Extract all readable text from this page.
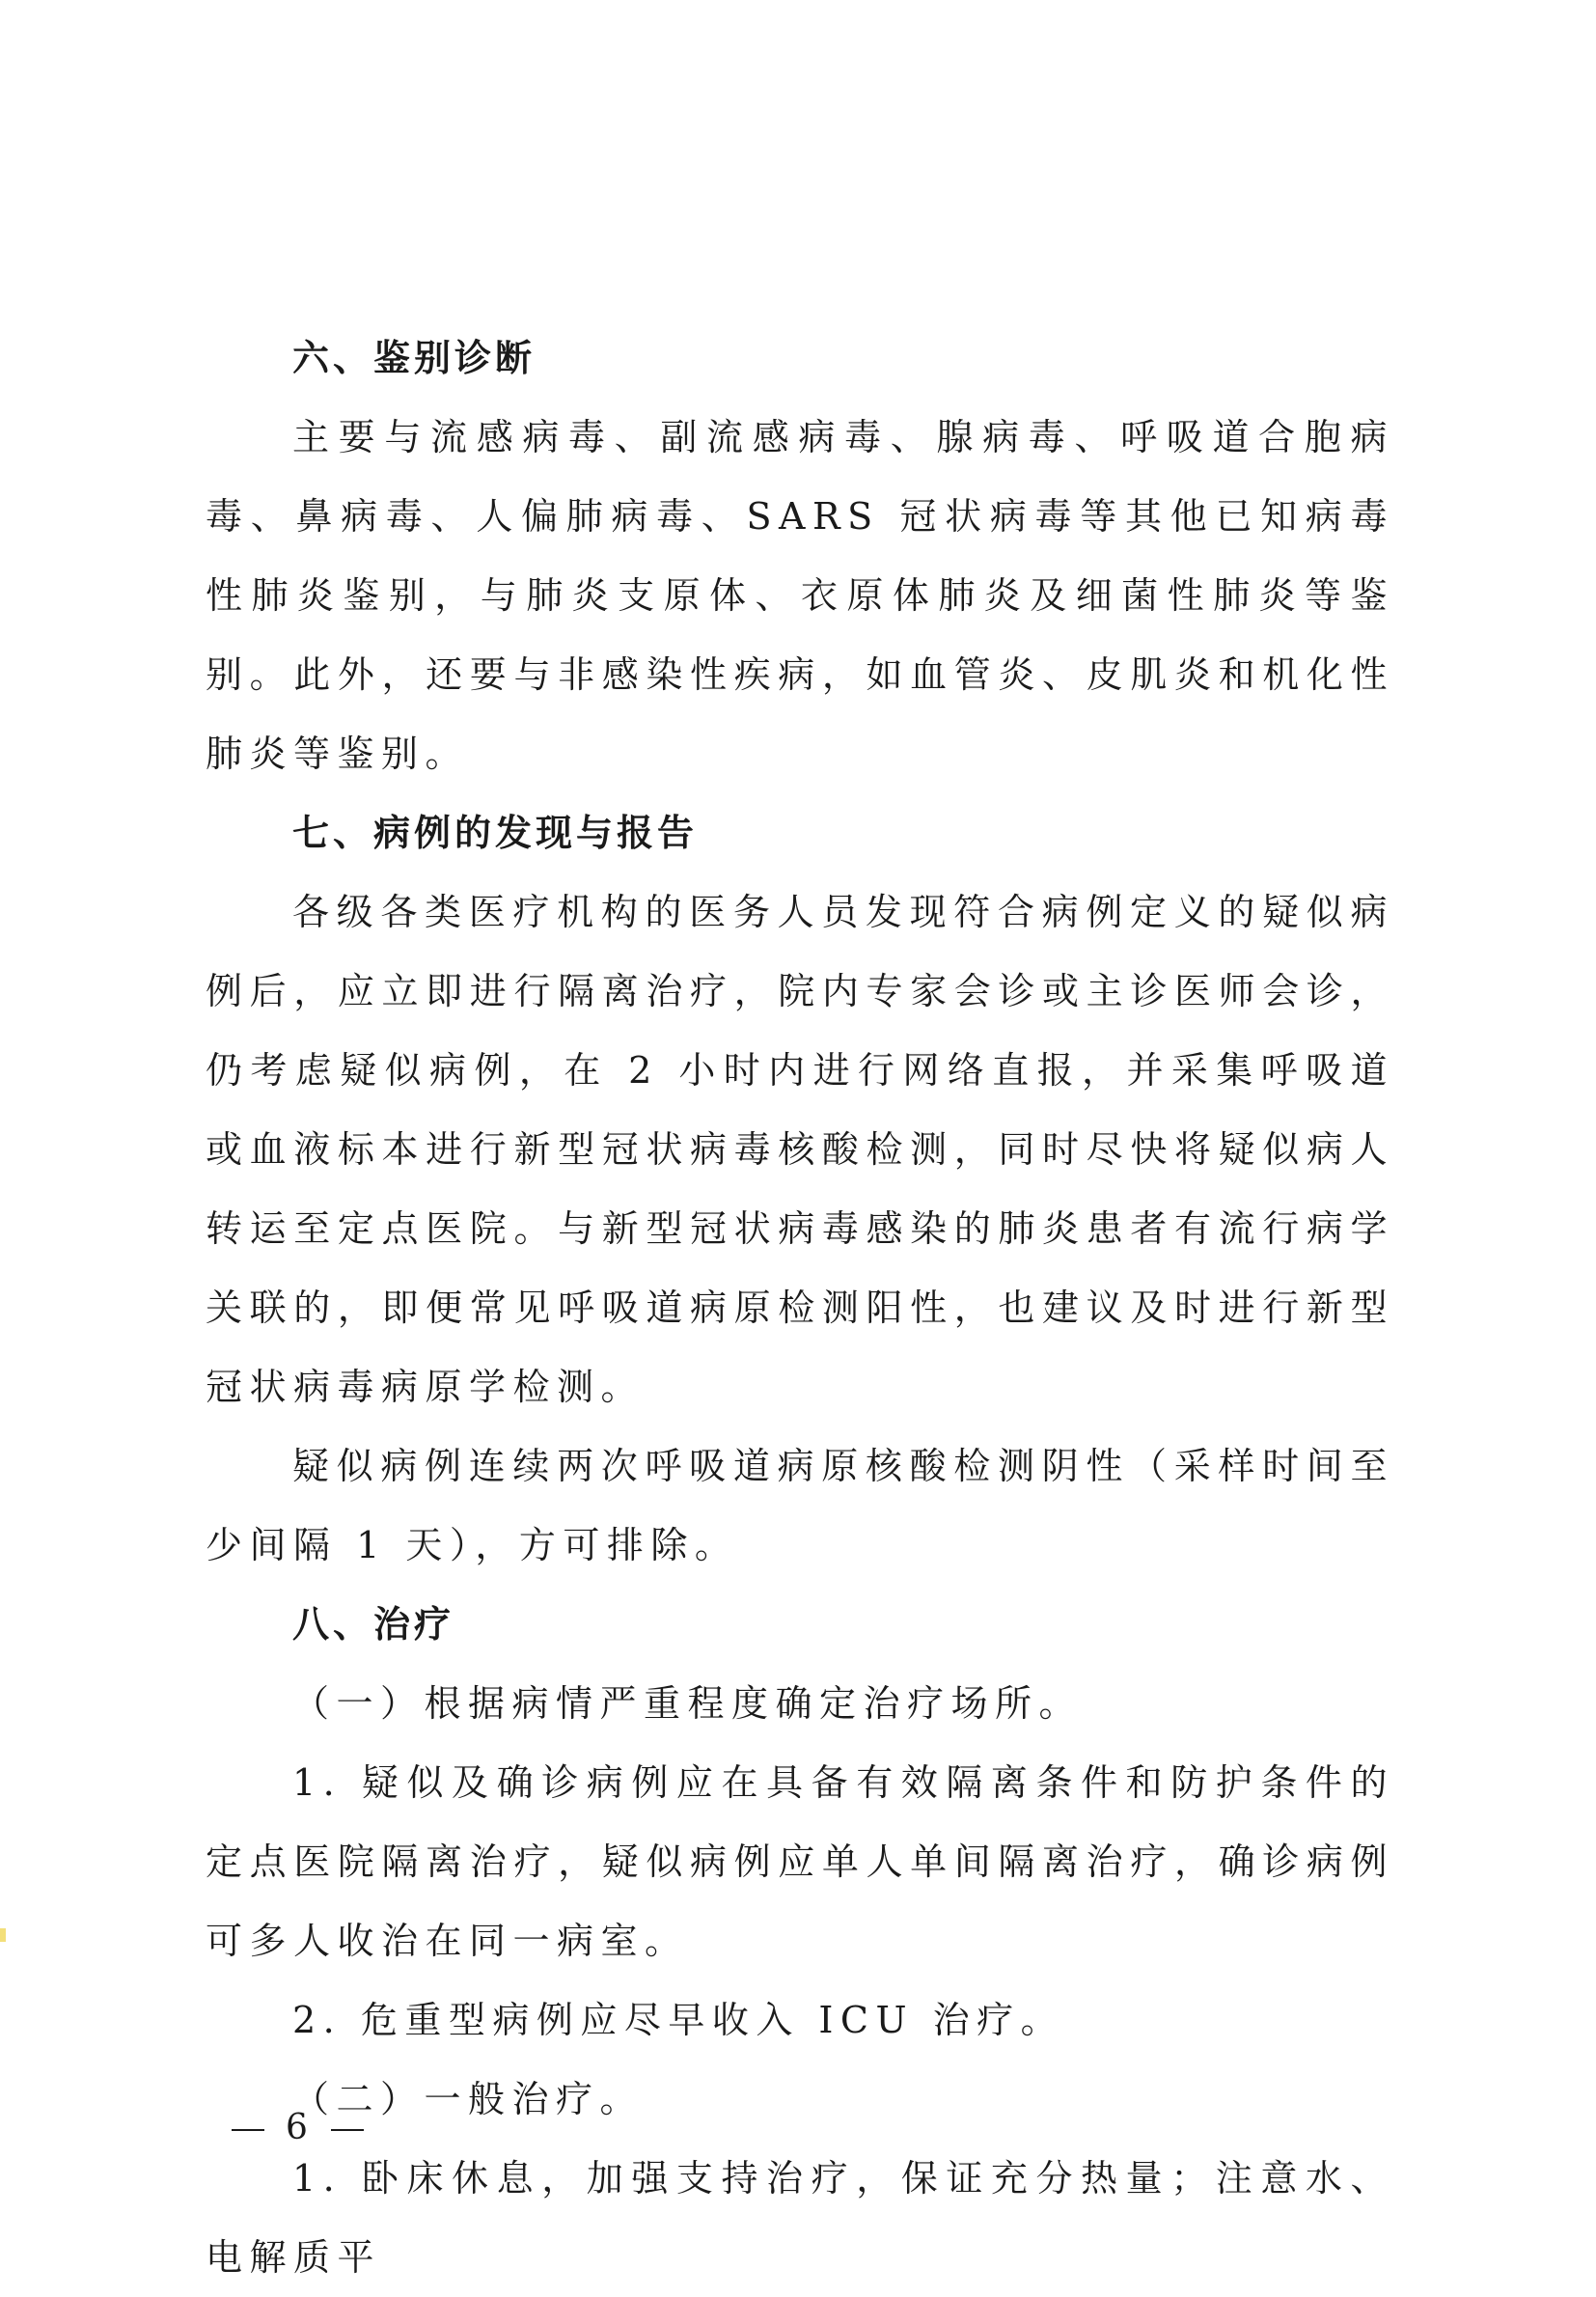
六、鉴别诊断

主要与流感病毒、副流感病毒、腺病毒、呼吸道合胞病毒、鼻病毒、人偏肺病毒、SARS 冠状病毒等其他已知病毒性肺炎鉴别，与肺炎支原体、衣原体肺炎及细菌性肺炎等鉴别。此外，还要与非感染性疾病，如血管炎、皮肌炎和机化性肺炎等鉴别。

七、病例的发现与报告

各级各类医疗机构的医务人员发现符合病例定义的疑似病例后，应立即进行隔离治疗，院内专家会诊或主诊医师会诊，仍考虑疑似病例，在 2 小时内进行网络直报，并采集呼吸道或血液标本进行新型冠状病毒核酸检测，同时尽快将疑似病人转运至定点医院。与新型冠状病毒感染的肺炎患者有流行病学关联的，即便常见呼吸道病原检测阳性，也建议及时进行新型冠状病毒病原学检测。

疑似病例连续两次呼吸道病原核酸检测阴性（采样时间至少间隔 1 天），方可排除。

八、治疗

（一）根据病情严重程度确定治疗场所。

1. 疑似及确诊病例应在具备有效隔离条件和防护条件的定点医院隔离治疗，疑似病例应单人单间隔离治疗，确诊病例可多人收治在同一病室。

2. 危重型病例应尽早收入 ICU 治疗。

（二）一般治疗。

1. 卧床休息，加强支持治疗，保证充分热量；注意水、电解质平

6
